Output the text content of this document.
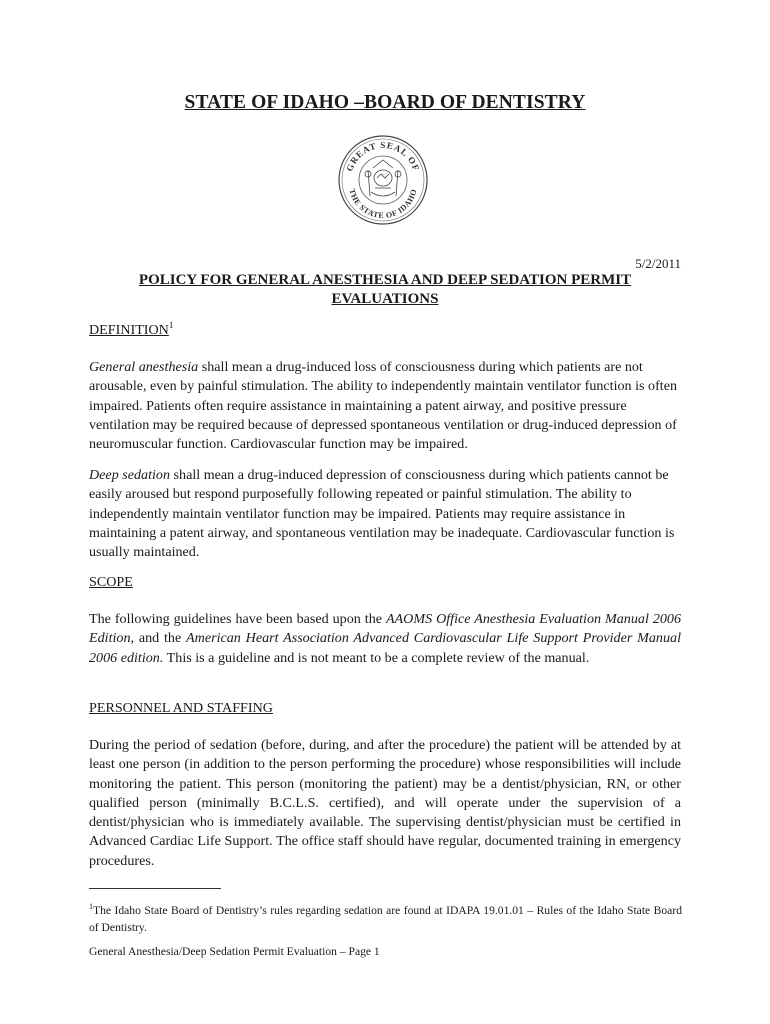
STATE OF IDAHO –BOARD OF DENTISTRY
GREAT SEAL OF
THE STATE OF IDAHO
5/2/2011
POLICY FOR GENERAL ANESTHESIA AND DEEP SEDATION PERMIT
EVALUATIONS
DEFINITION$^1$
General anesthesia shall mean a drug-induced loss of consciousness during which patients are not arousable, even by painful stimulation. The ability to independently maintain ventilator function is often impaired. Patients often require assistance in maintaining a patent airway, and positive pressure ventilation may be required because of depressed spontaneous ventilation or drug-induced depression of neuromuscular function. Cardiovascular function may be impaired.
Deep sedation shall mean a drug-induced depression of consciousness during which patients cannot be easily aroused but respond purposefully following repeated or painful stimulation. The ability to independently maintain ventilator function may be impaired. Patients may require assistance in maintaining a patent airway, and spontaneous ventilation may be inadequate. Cardiovascular function is usually maintained.
SCOPE
The following guidelines have been based upon the AAOMS Office Anesthesia Evaluation Manual 2006 Edition, and the American Heart Association Advanced Cardiovascular Life Support Provider Manual 2006 edition. This is a guideline and is not meant to be a complete review of the manual.
PERSONNEL AND STAFFING
During the period of sedation (before, during, and after the procedure) the patient will be attended by at least one person (in addition to the person performing the procedure) whose responsibilities will include monitoring the patient. This person (monitoring the patient) may be a dentist/physician, RN, or other qualified person (minimally B.C.L.S. certified), and will operate under the supervision of a dentist/physician who is immediately available. The supervising dentist/physician must be certified in Advanced Cardiac Life Support. The office staff should have regular, documented training in emergency procedures.
$^1$The Idaho State Board of Dentistry’s rules regarding sedation are found at IDAPA 19.01.01 – Rules of the Idaho State Board of Dentistry.
General Anesthesia/Deep Sedation Permit Evaluation – Page 1
